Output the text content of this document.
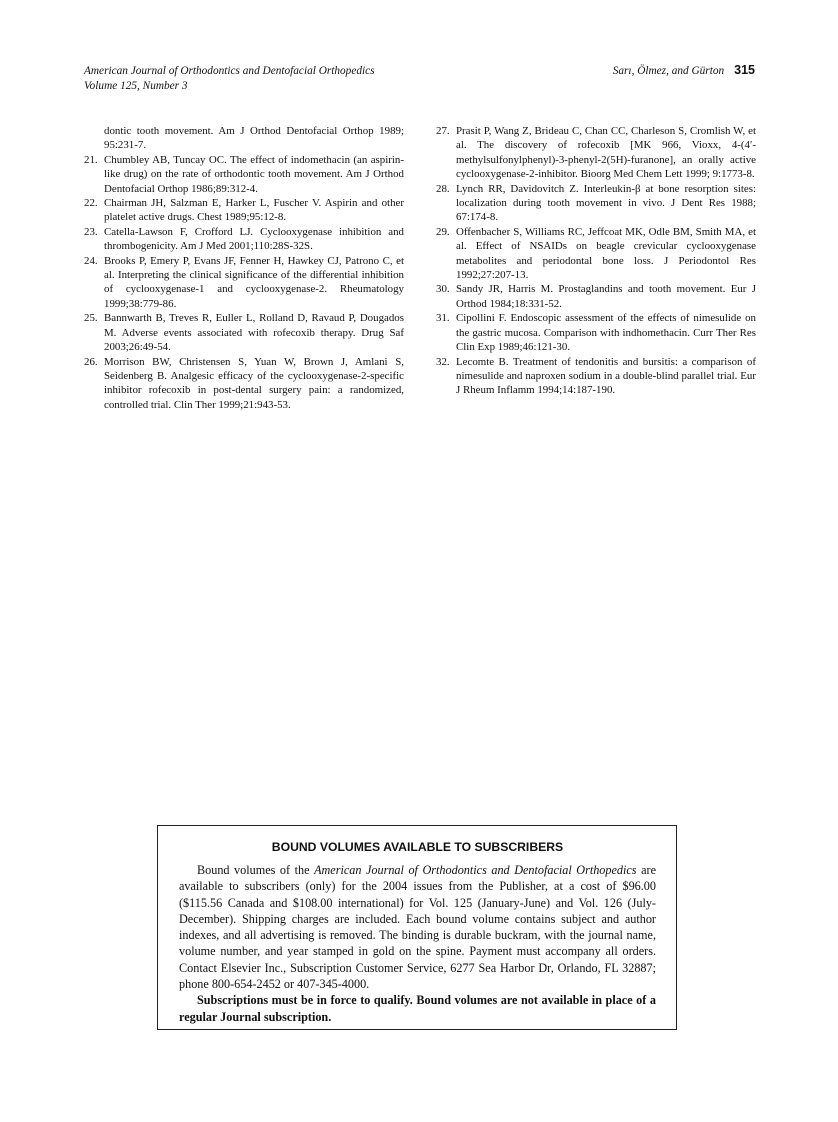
American Journal of Orthodontics and Dentofacial Orthopedics
Volume 125, Number 3
Sarı, Ölmez, and Gürton 315
dontic tooth movement. Am J Orthod Dentofacial Orthop 1989; 95:231-7.
21. Chumbley AB, Tuncay OC. The effect of indomethacin (an aspirin-like drug) on the rate of orthodontic tooth movement. Am J Orthod Dentofacial Orthop 1986;89:312-4.
22. Chairman JH, Salzman E, Harker L, Fuscher V. Aspirin and other platelet active drugs. Chest 1989;95:12-8.
23. Catella-Lawson F, Crofford LJ. Cyclooxygenase inhibition and thrombogenicity. Am J Med 2001;110:28S-32S.
24. Brooks P, Emery P, Evans JF, Fenner H, Hawkey CJ, Patrono C, et al. Interpreting the clinical significance of the differential inhibition of cyclooxygenase-1 and cyclooxygenase-2. Rheumatology 1999;38:779-86.
25. Bannwarth B, Treves R, Euller L, Rolland D, Ravaud P, Dougados M. Adverse events associated with rofecoxib therapy. Drug Saf 2003;26:49-54.
26. Morrison BW, Christensen S, Yuan W, Brown J, Amlani S, Seidenberg B. Analgesic efficacy of the cyclooxygenase-2-specific inhibitor rofecoxib in post-dental surgery pain: a randomized, controlled trial. Clin Ther 1999;21:943-53.
27. Prasit P, Wang Z, Brideau C, Chan CC, Charleson S, Cromlish W, et al. The discovery of rofecoxib [MK 966, Vioxx, 4-(4′-methylsulfonylphenyl)-3-phenyl-2(5H)-furanone], an orally active cyclooxygenase-2-inhibitor. Bioorg Med Chem Lett 1999; 9:1773-8.
28. Lynch RR, Davidovitch Z. Interleukin-β at bone resorption sites: localization during tooth movement in vivo. J Dent Res 1988; 67:174-8.
29. Offenbacher S, Williams RC, Jeffcoat MK, Odle BM, Smith MA, et al. Effect of NSAIDs on beagle crevicular cyclooxygenase metabolites and periodontal bone loss. J Periodontol Res 1992;27:207-13.
30. Sandy JR, Harris M. Prostaglandins and tooth movement. Eur J Orthod 1984;18:331-52.
31. Cipollini F. Endoscopic assessment of the effects of nimesulide on the gastric mucosa. Comparison with indhomethacin. Curr Ther Res Clin Exp 1989;46:121-30.
32. Lecomte B. Treatment of tendonitis and bursitis: a comparison of nimesulide and naproxen sodium in a double-blind parallel trial. Eur J Rheum Inflamm 1994;14:187-190.
BOUND VOLUMES AVAILABLE TO SUBSCRIBERS

Bound volumes of the American Journal of Orthodontics and Dentofacial Orthopedics are available to subscribers (only) for the 2004 issues from the Publisher, at a cost of $96.00 ($115.56 Canada and $108.00 international) for Vol. 125 (January-June) and Vol. 126 (July-December). Shipping charges are included. Each bound volume contains subject and author indexes, and all advertising is removed. The binding is durable buckram, with the journal name, volume number, and year stamped in gold on the spine. Payment must accompany all orders. Contact Elsevier Inc., Subscription Customer Service, 6277 Sea Harbor Dr, Orlando, FL 32887; phone 800-654-2452 or 407-345-4000.

Subscriptions must be in force to qualify. Bound volumes are not available in place of a regular Journal subscription.
